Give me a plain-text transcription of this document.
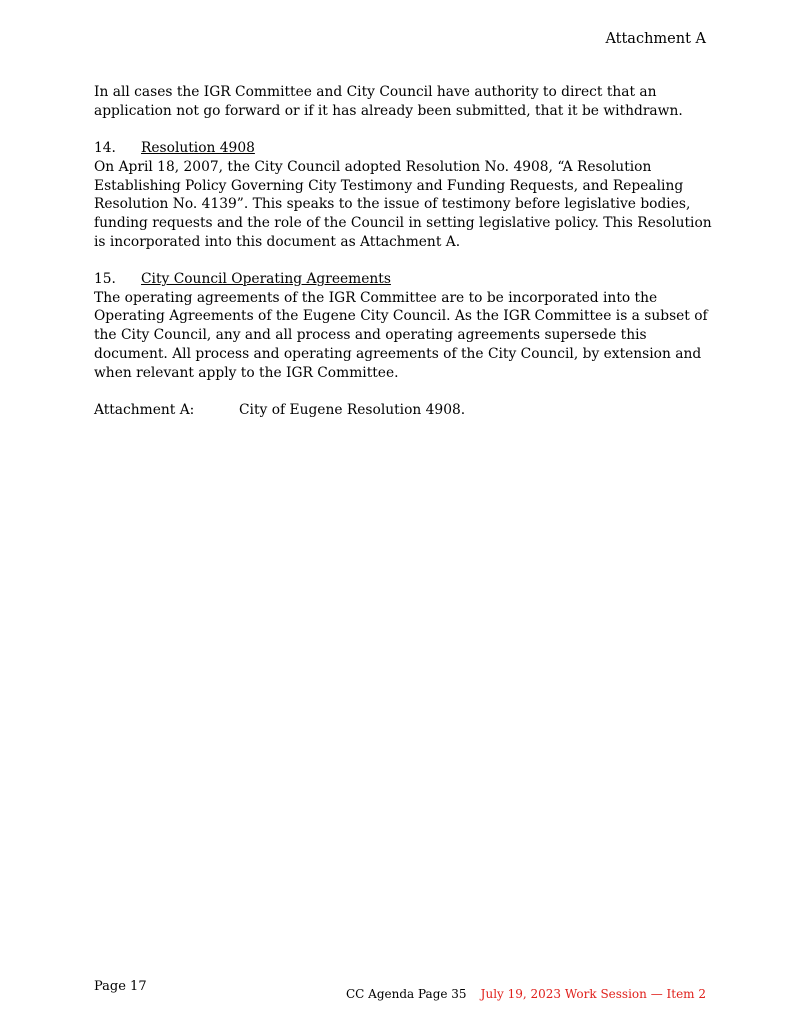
Attachment A

In all cases the IGR Committee and City Council have authority to direct that an application not go forward or if it has already been submitted, that it be withdrawn.

14. Resolution 4908

On April 18, 2007, the City Council adopted Resolution No. 4908, “A Resolution Establishing Policy Governing City Testimony and Funding Requests, and Repealing Resolution No. 4139”. This speaks to the issue of testimony before legislative bodies, funding requests and the role of the Council in setting legislative policy. This Resolution is incorporated into this document as Attachment A.

15. City Council Operating Agreements

The operating agreements of the IGR Committee are to be incorporated into the Operating Agreements of the Eugene City Council. As the IGR Committee is a subset of the City Council, any and all process and operating agreements supersede this document. All process and operating agreements of the City Council, by extension and when relevant apply to the IGR Committee.

Attachment A:	City of Eugene Resolution 4908.
Page 17	CC Agenda Page 35 July 19, 2023 Work Session — Item 2
